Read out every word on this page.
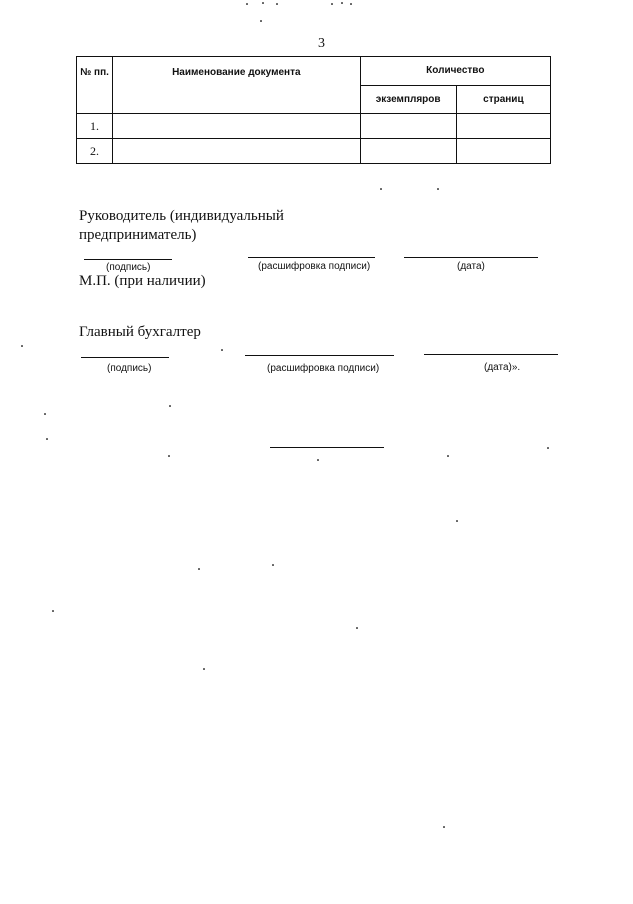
3
№ пп.	Наименование документа	Количество	
		экземпляров	страниц
1.			
2.			
Руководитель (индивидуальный
предприниматель)
(подпись)	(расшифровка подписи)	(дата)
М.П. (при наличии)
Главный бухгалтер
(подпись)	(расшифровка подписи)	(дата)».
